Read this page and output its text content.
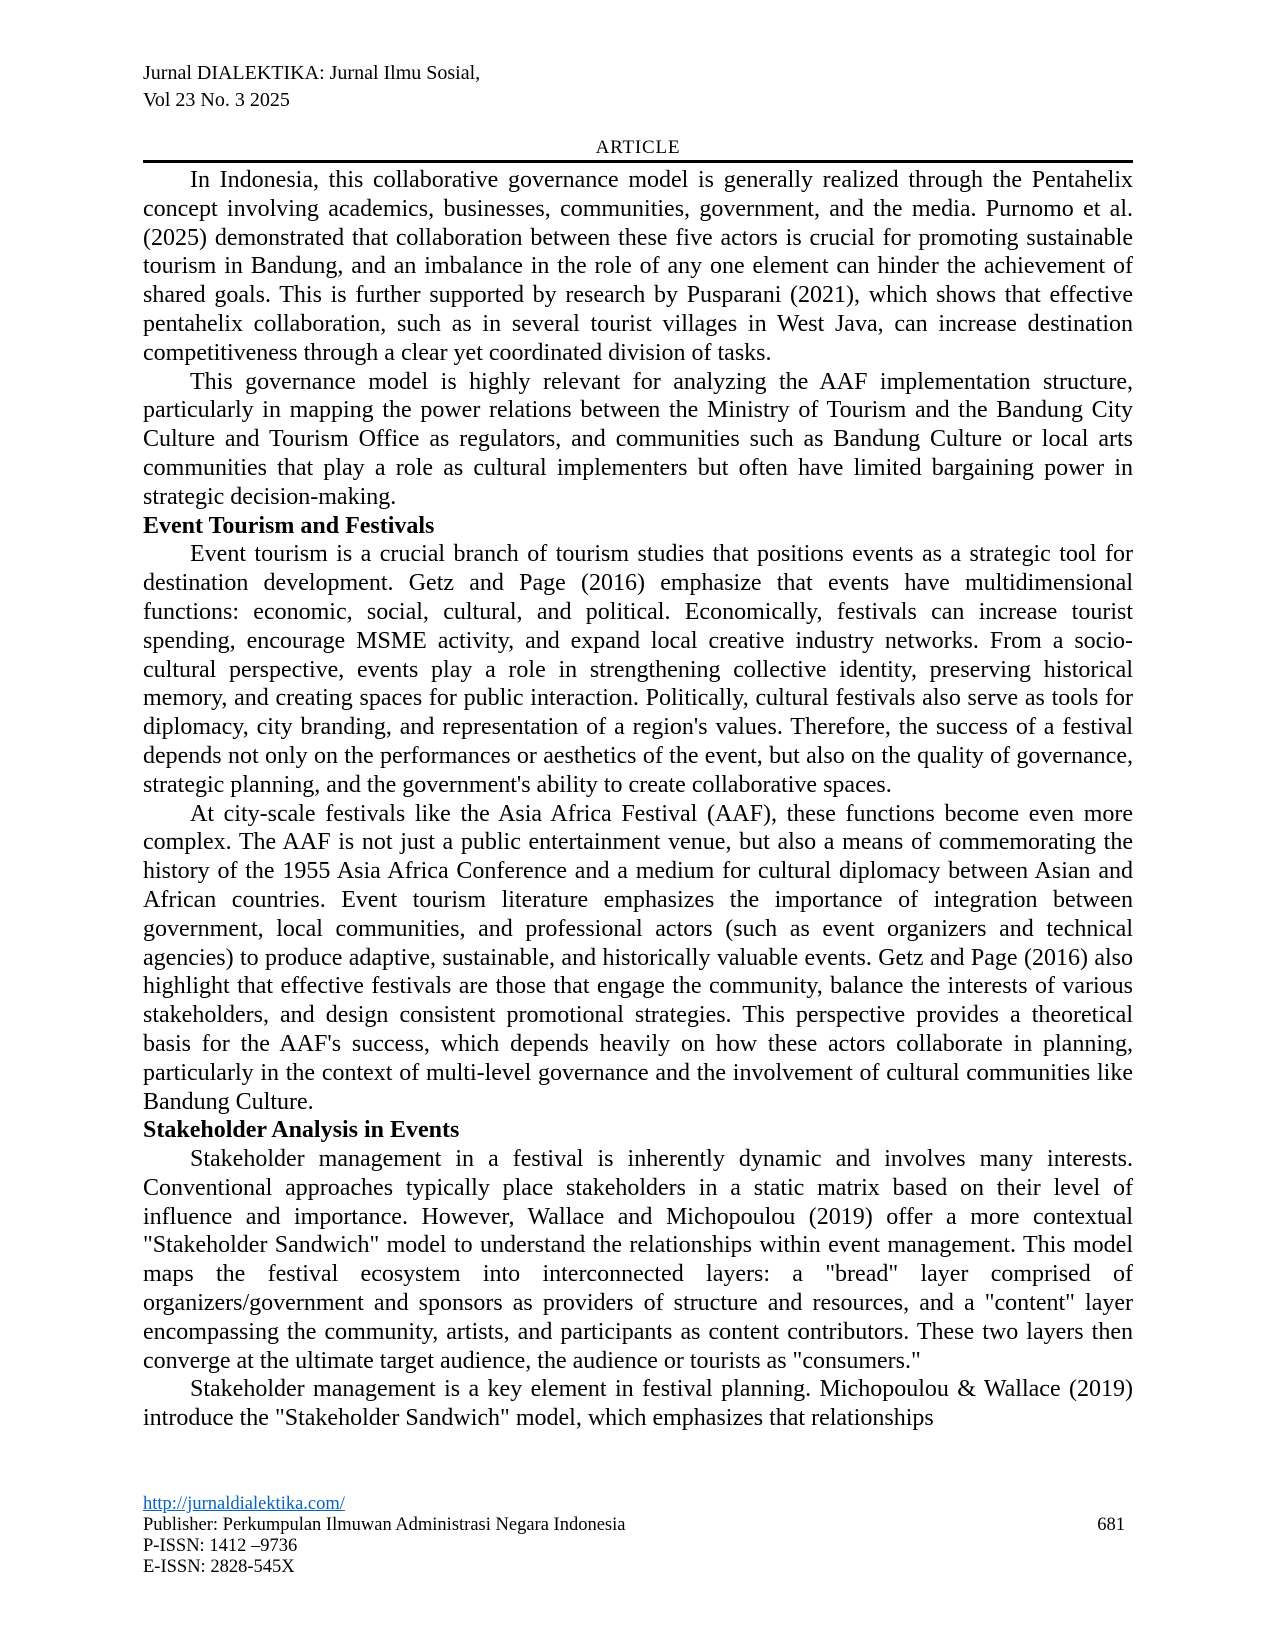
Jurnal DIALEKTIKA: Jurnal Ilmu Sosial,
Vol 23 No. 3 2025
ARTICLE

In Indonesia, this collaborative governance model is generally realized through the Pentahelix concept involving academics, businesses, communities, government, and the media. Purnomo et al. (2025) demonstrated that collaboration between these five actors is crucial for promoting sustainable tourism in Bandung, and an imbalance in the role of any one element can hinder the achievement of shared goals. This is further supported by research by Pusparani (2021), which shows that effective pentahelix collaboration, such as in several tourist villages in West Java, can increase destination competitiveness through a clear yet coordinated division of tasks.

This governance model is highly relevant for analyzing the AAF implementation structure, particularly in mapping the power relations between the Ministry of Tourism and the Bandung City Culture and Tourism Office as regulators, and communities such as Bandung Culture or local arts communities that play a role as cultural implementers but often have limited bargaining power in strategic decision-making.

Event Tourism and Festivals

Event tourism is a crucial branch of tourism studies that positions events as a strategic tool for destination development. Getz and Page (2016) emphasize that events have multidimensional functions: economic, social, cultural, and political. Economically, festivals can increase tourist spending, encourage MSME activity, and expand local creative industry networks. From a socio-cultural perspective, events play a role in strengthening collective identity, preserving historical memory, and creating spaces for public interaction. Politically, cultural festivals also serve as tools for diplomacy, city branding, and representation of a region's values. Therefore, the success of a festival depends not only on the performances or aesthetics of the event, but also on the quality of governance, strategic planning, and the government's ability to create collaborative spaces.

At city-scale festivals like the Asia Africa Festival (AAF), these functions become even more complex. The AAF is not just a public entertainment venue, but also a means of commemorating the history of the 1955 Asia Africa Conference and a medium for cultural diplomacy between Asian and African countries. Event tourism literature emphasizes the importance of integration between government, local communities, and professional actors (such as event organizers and technical agencies) to produce adaptive, sustainable, and historically valuable events. Getz and Page (2016) also highlight that effective festivals are those that engage the community, balance the interests of various stakeholders, and design consistent promotional strategies. This perspective provides a theoretical basis for the AAF's success, which depends heavily on how these actors collaborate in planning, particularly in the context of multi-level governance and the involvement of cultural communities like Bandung Culture.

Stakeholder Analysis in Events

Stakeholder management in a festival is inherently dynamic and involves many interests. Conventional approaches typically place stakeholders in a static matrix based on their level of influence and importance. However, Wallace and Michopoulou (2019) offer a more contextual "Stakeholder Sandwich" model to understand the relationships within event management. This model maps the festival ecosystem into interconnected layers: a "bread" layer comprised of organizers/government and sponsors as providers of structure and resources, and a "content" layer encompassing the community, artists, and participants as content contributors. These two layers then converge at the ultimate target audience, the audience or tourists as "consumers."

Stakeholder management is a key element in festival planning. Michopoulou & Wallace (2019) introduce the "Stakeholder Sandwich" model, which emphasizes that relationships

http://jurnaldialektika.com/
Publisher: Perkumpulan Ilmuwan Administrasi Negara Indonesia	681
P-ISSN: 1412 –9736
E-ISSN: 2828-545X
